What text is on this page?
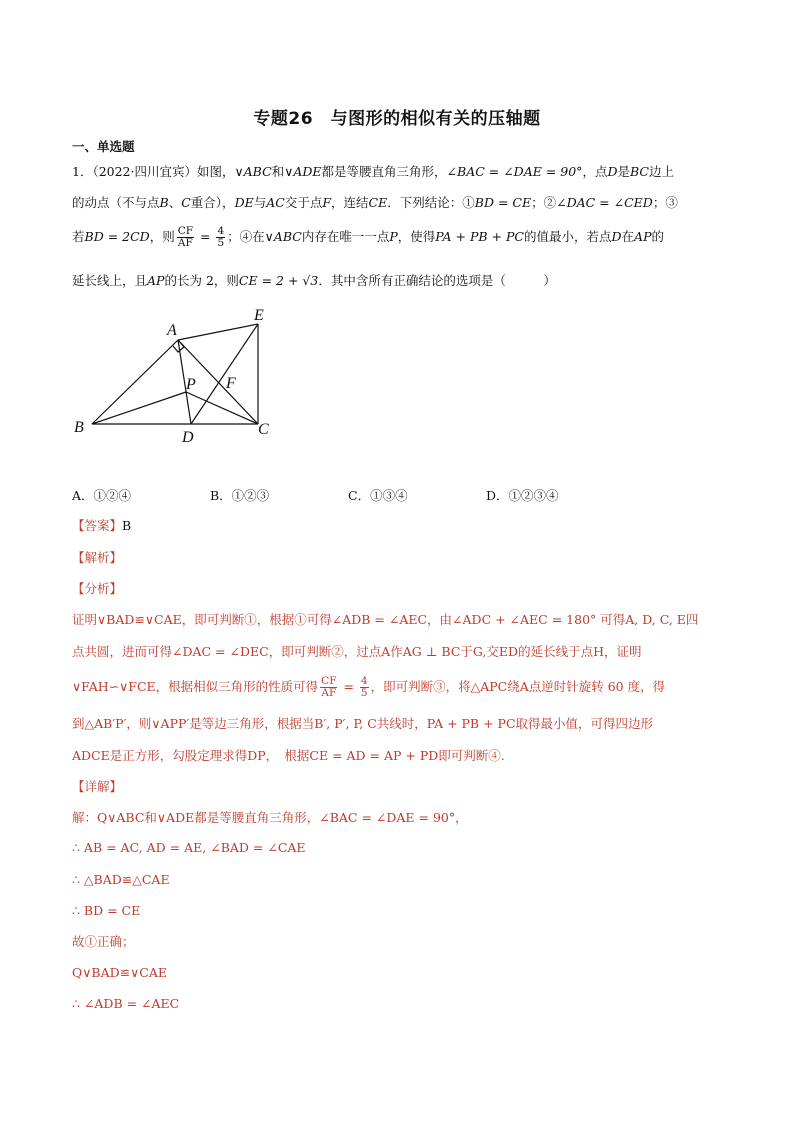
专题26　与图形的相似有关的压轴题
一、单选题
1．（2022·四川宜宾）如图，∨ABC和∨ADE都是等腰直角三角形，∠BAC = ∠DAE = 90°，点D是BC边上
的动点（不与点B、C重合），DE与AC交于点F，连结CE．下列结论：①BD = CE；②∠DAC = ∠CED；③
若BD = 2CD，则 $\frac{CF}{AF} = \frac{4}{5}$ ；④在∨ABC内存在唯一一点P，使得PA + PB + PC的值最小，若点D在AP的
延长线上，且AP的长为 2，则CE = 2 + √3．其中含所有正确结论的选项是（　　　）
A
B	C
D
E
F
P
A．①②④	B．①②③	C．①③④	D．①②③④
【答案】B
【解析】
【分析】
证明∨BAD≌∨CAE，即可判断①，根据①可得∠ADB = ∠AEC，由∠ADC + ∠AEC = 180° 可得A, D, C, E四
点共圆，进而可得∠DAC = ∠DEC，即可判断②，过点A作AG ⊥ BC于G,交ED的延长线于点H，证明
∨FAH∽∨FCE，根据相似三角形的性质可得 $\frac{CF}{AF} = \frac{4}{5}$ ，即可判断③，将△APC绕A点逆时针旋转 60 度，得
到△AB′P′，则∨APP′是等边三角形，根据当B′, P′, P, C共线时，PA + PB + PC取得最小值，可得四边形
ADCE是正方形，勾股定理求得DP，　根据CE = AD = AP + PD即可判断④.
【详解】
解：Q∨ABC和∨ADE都是等腰直角三角形，∠BAC = ∠DAE = 90°，
∴ AB = AC, AD = AE, ∠BAD = ∠CAE
∴ △BAD≌△CAE
∴ BD = CE
故①正确；
Q∨BAD≌∨CAE
∴ ∠ADB = ∠AEC
